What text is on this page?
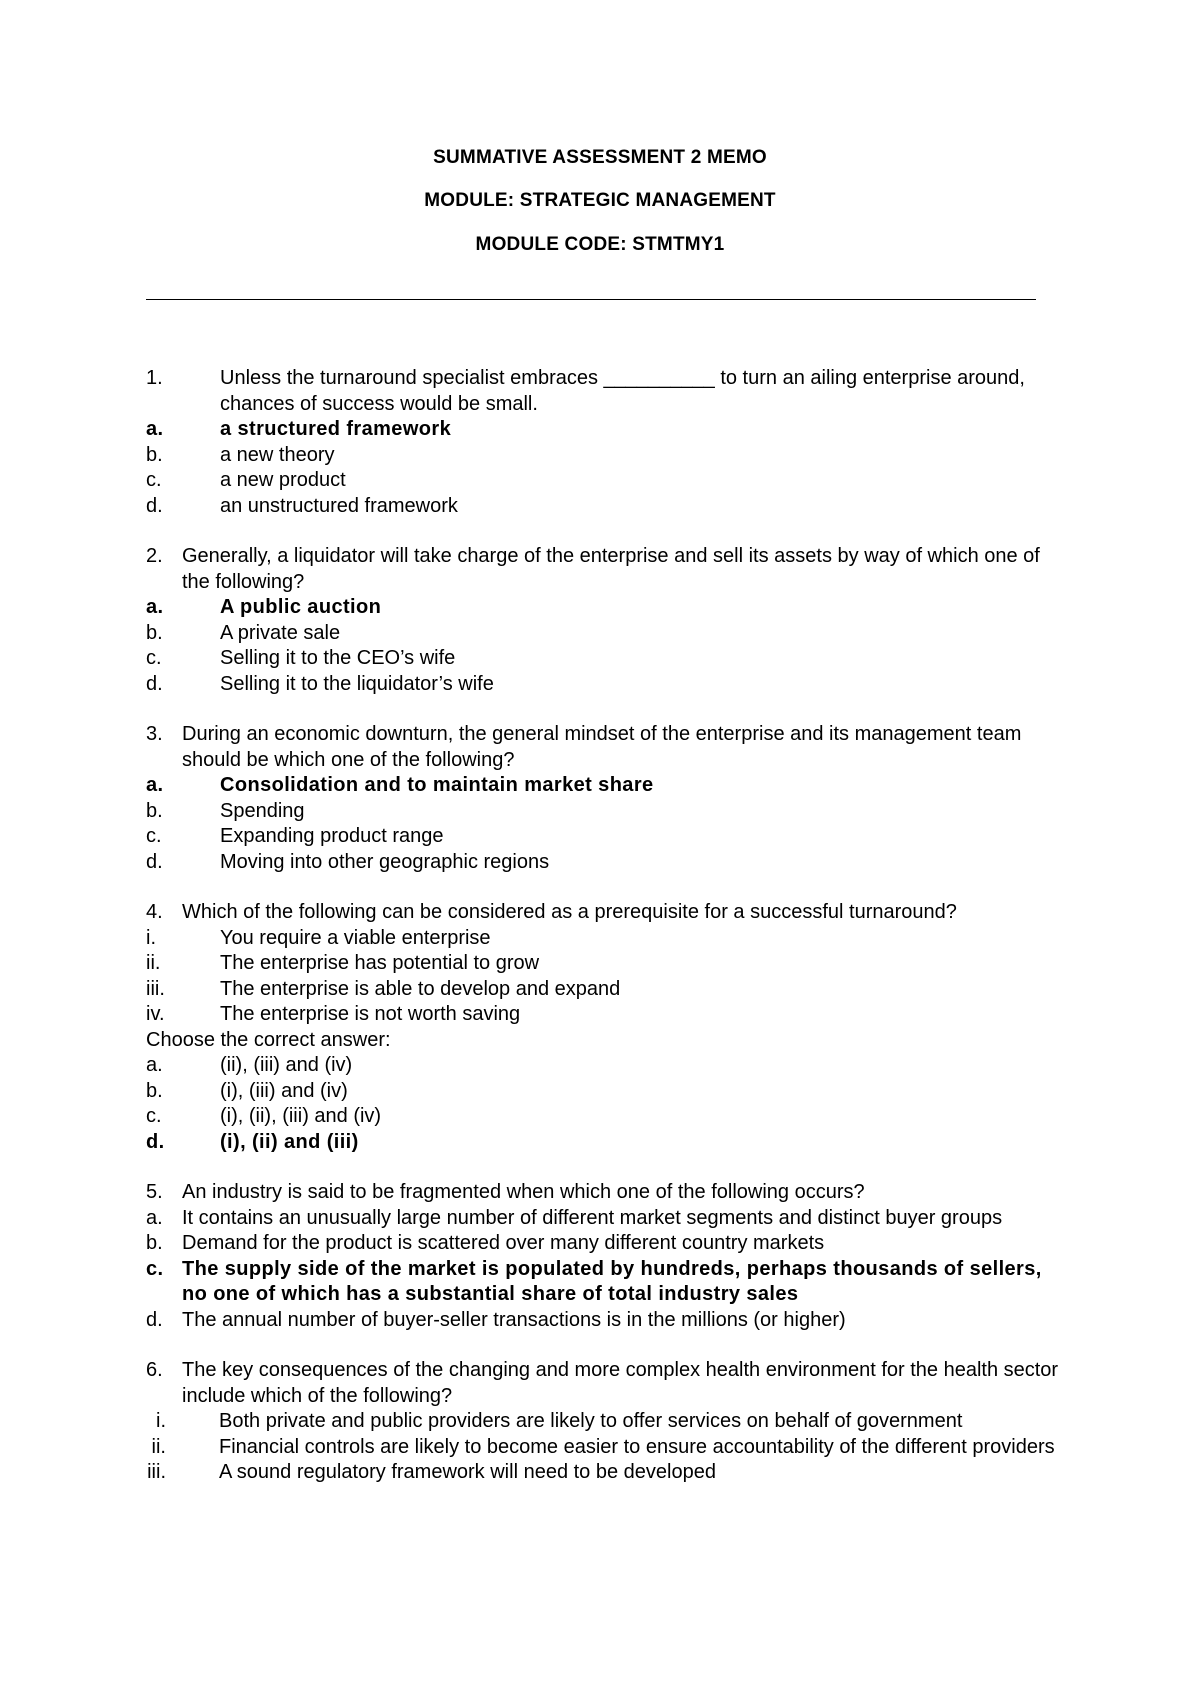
SUMMATIVE ASSESSMENT 2 MEMO
MODULE: STRATEGIC MANAGEMENT
MODULE CODE: STMTMY1
1.	Unless the turnaround specialist embraces __________ to turn an ailing enterprise around, chances of success would be small.
a.	a structured framework
b.	a new theory
c.	a new product
d.	an unstructured framework
2. Generally, a liquidator will take charge of the enterprise and sell its assets by way of which one of the following?
a.	A public auction
b.	A private sale
c.	Selling it to the CEO’s wife
d.	Selling it to the liquidator’s wife
3. During an economic downturn, the general mindset of the enterprise and its management team should be which one of the following?
a.	Consolidation and to maintain market share
b.	Spending
c.	Expanding product range
d.	Moving into other geographic regions
4. Which of the following can be considered as a prerequisite for a successful turnaround?
i.	You require a viable enterprise
ii.	The enterprise has potential to grow
iii.	The enterprise is able to develop and expand
iv.	The enterprise is not worth saving
Choose the correct answer:
a.	(ii), (iii) and (iv)
b.	(i), (iii) and (iv)
c.	(i), (ii), (iii) and (iv)
d.	(i), (ii) and (iii)
5. An industry is said to be fragmented when which one of the following occurs?
a. It contains an unusually large number of different market segments and distinct buyer groups
b. Demand for the product is scattered over many different country markets
c. The supply side of the market is populated by hundreds, perhaps thousands of sellers, no one of which has a substantial share of total industry sales
d. The annual number of buyer-seller transactions is in the millions (or higher)
6. The key consequences of the changing and more complex health environment for the health sector include which of the following?
i.	Both private and public providers are likely to offer services on behalf of government
ii.	Financial controls are likely to become easier to ensure accountability of the different providers
iii.	A sound regulatory framework will need to be developed
